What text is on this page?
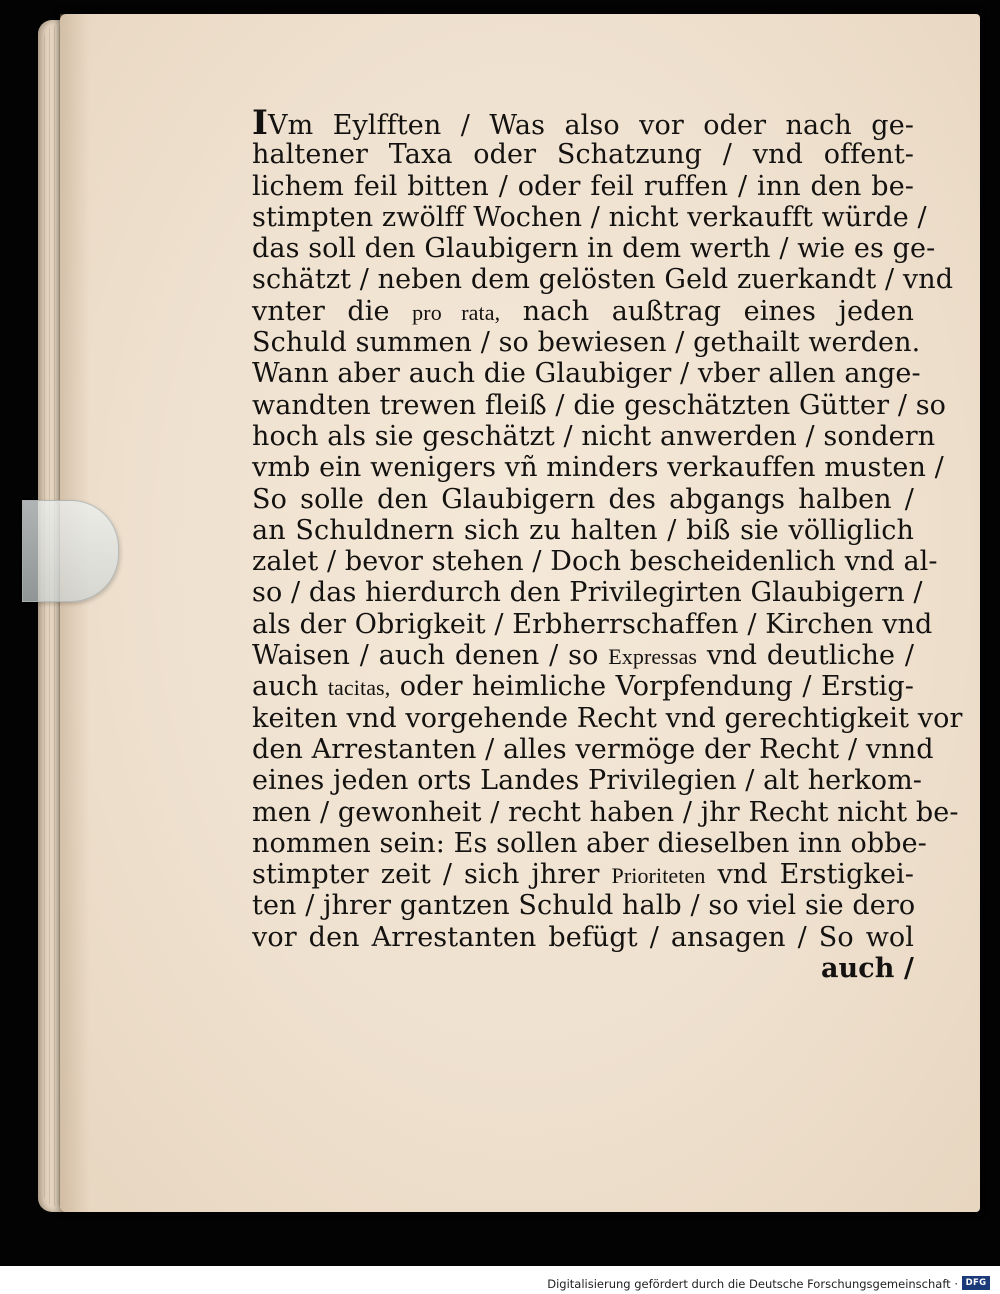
IVm Eylfften / Was also vor oder nach ge-
haltener Taxa oder Schatzung / vnd offent-
lichem feil bitten / oder feil ruffen / inn den be-
stimpten zwölff Wochen / nicht verkaufft würde /
das soll den Glaubigern in dem werth / wie es ge-
schätzt / neben dem gelösten Geld zuerkandt / vnd
vnter die pro rata, nach außtrag eines jeden
Schuld summen / so bewiesen / gethailt werden.
Wann aber auch die Glaubiger / vber allen ange-
wandten trewen fleiß / die geschätzten Gütter / so
hoch als sie geschätzt / nicht anwerden / sondern
vmb ein wenigers vñ minders verkauffen musten /
So solle den Glaubigern des abgangs halben /
an Schuldnern sich zu halten / biß sie völliglich
zalet / bevor stehen / Doch bescheidenlich vnd al-
so / das hierdurch den Privilegirten Glaubigern /
als der Obrigkeit / Erbherrschaffen / Kirchen vnd
Waisen / auch denen / so Expressas vnd deutliche /
auch tacitas, oder heimliche Vorpfendung / Erstig-
keiten vnd vorgehende Recht vnd gerechtigkeit vor
den Arrestanten / alles vermöge der Recht / vnnd
eines jeden orts Landes Privilegien / alt herkom-
men / gewonheit / recht haben / jhr Recht nicht be-
nommen sein: Es sollen aber dieselben inn obbe-
stimpter zeit / sich jhrer Prioriteten vnd Erstigkei-
ten / jhrer gantzen Schuld halb / so viel sie dero
vor den Arrestanten befügt / ansagen / So wol
auch /
Digitalisierung gefördert durch die Deutsche Forschungsgemeinschaft · DFG
